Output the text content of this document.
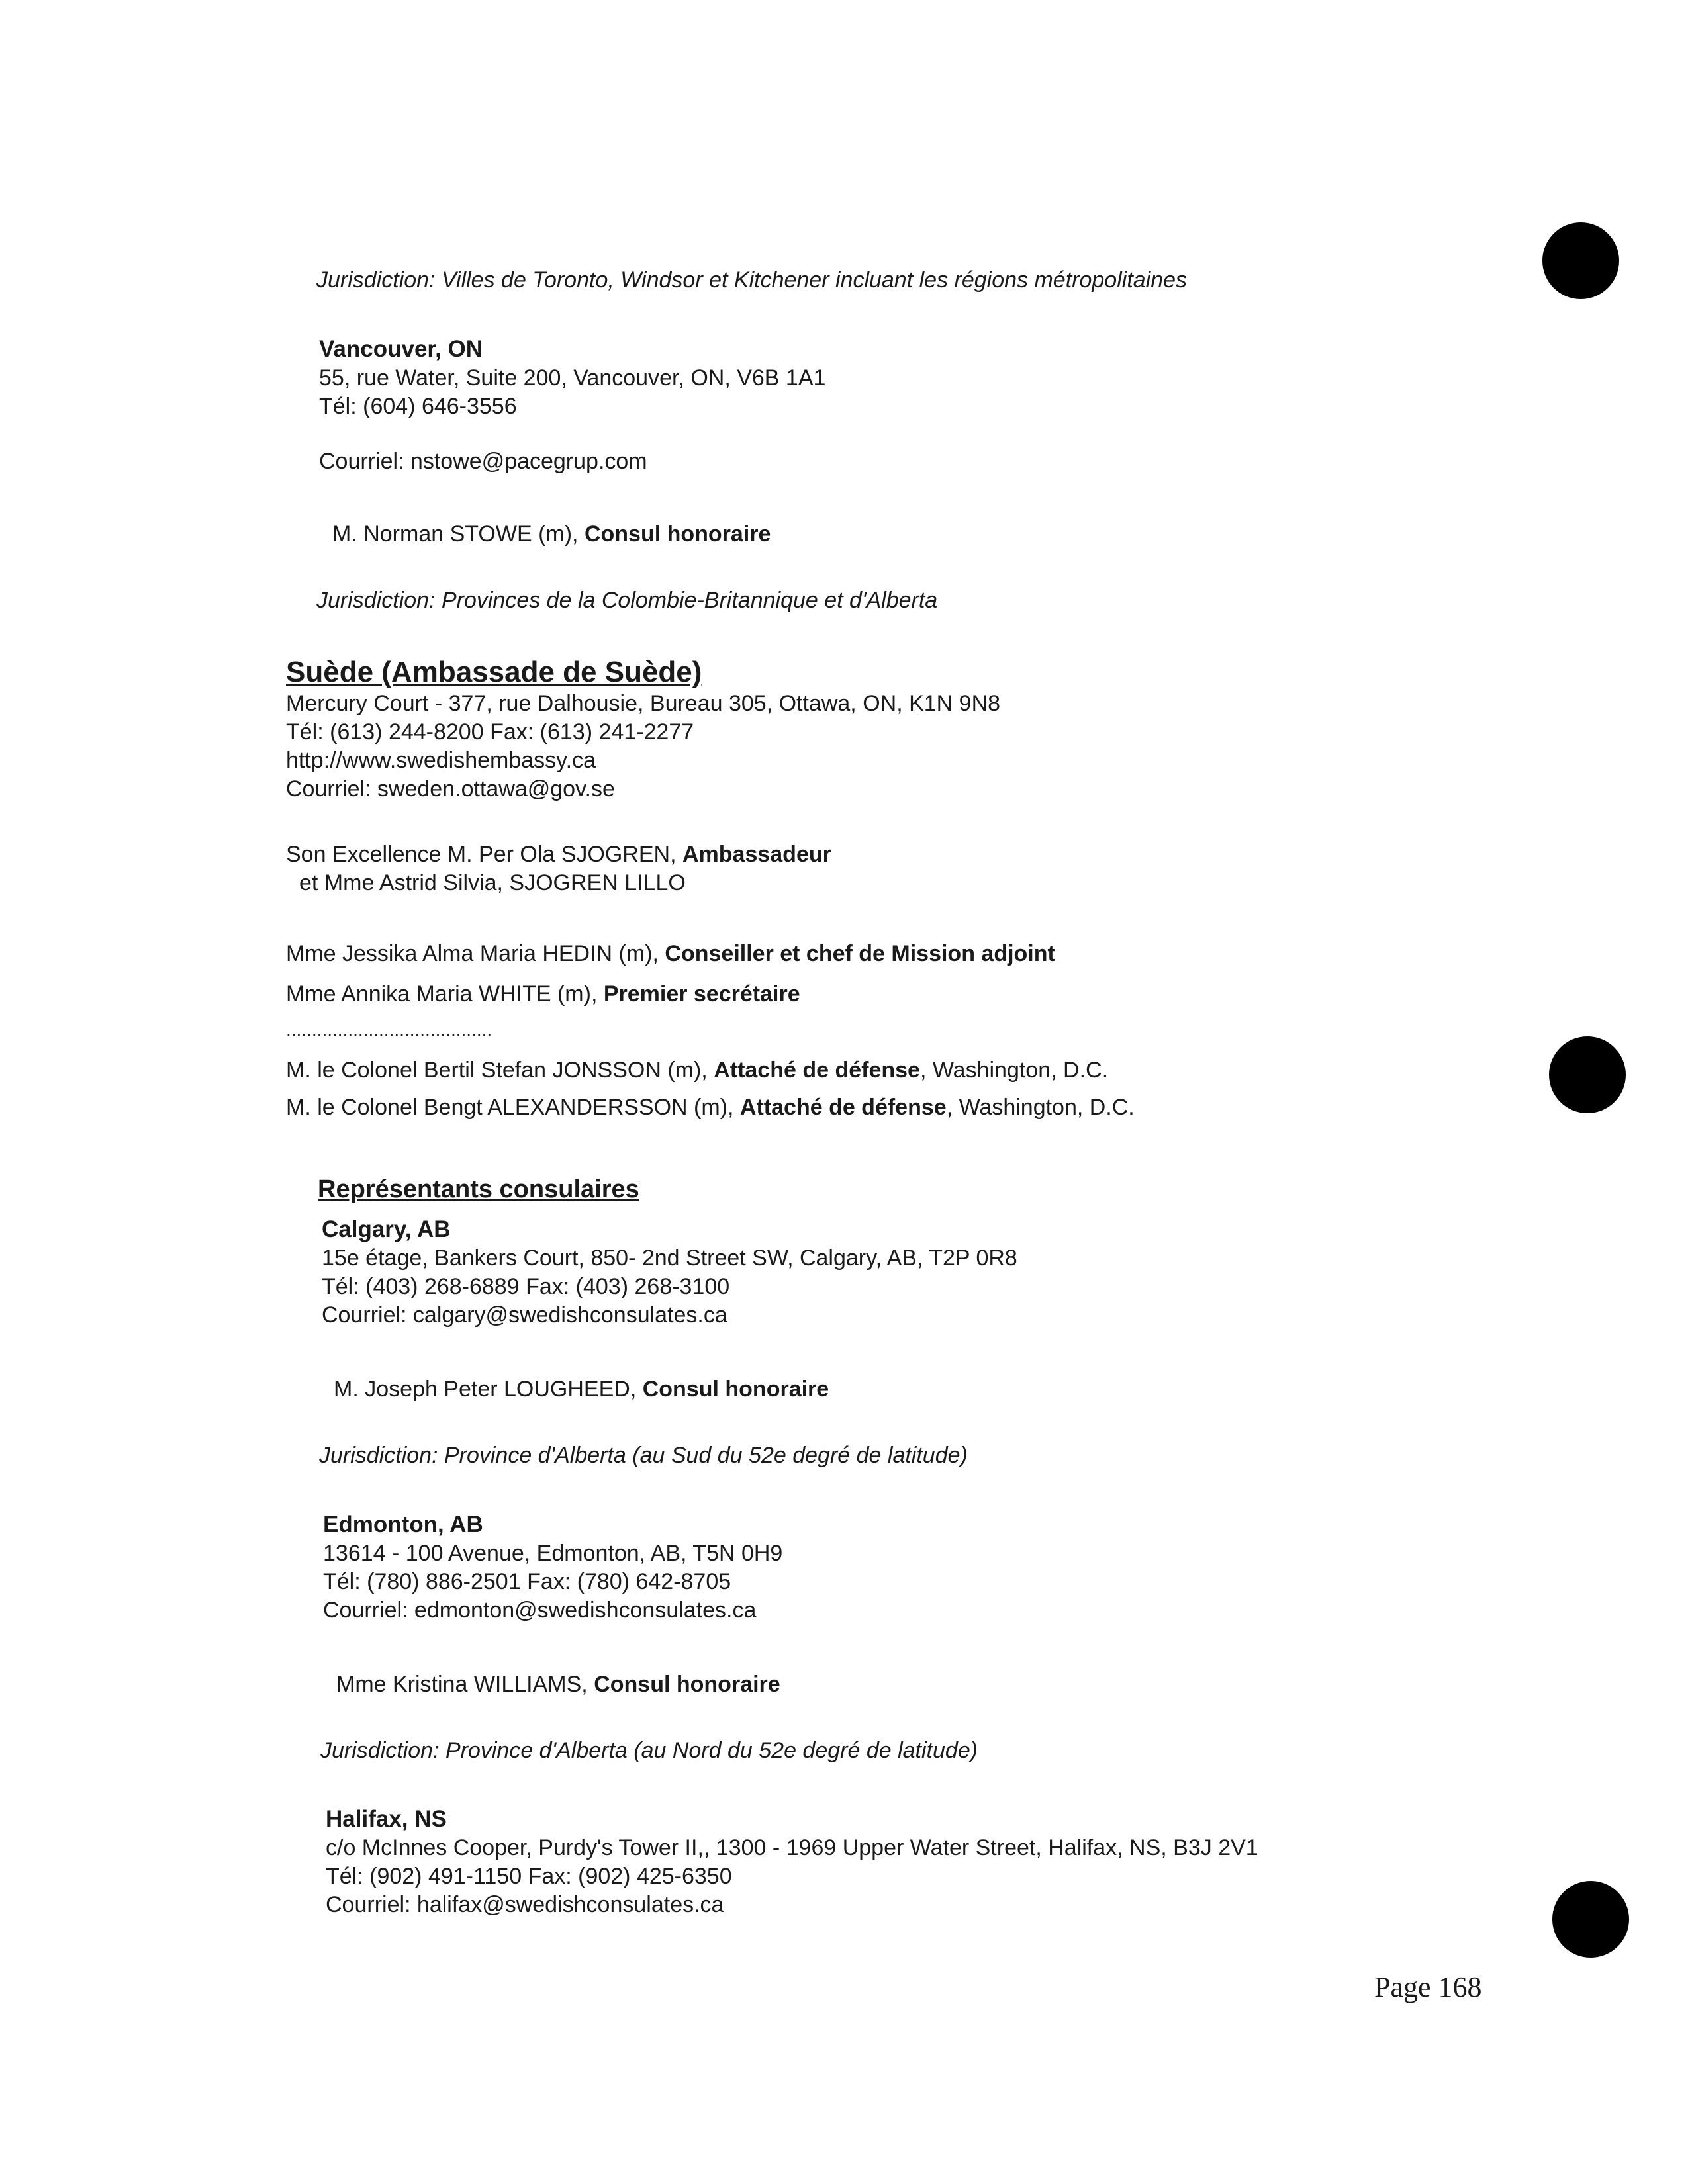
Jurisdiction: Villes de Toronto, Windsor et Kitchener incluant les régions métropolitaines
Vancouver, ON
55, rue Water, Suite 200, Vancouver, ON, V6B 1A1
Tél: (604) 646-3556
Courriel: nstowe@pacegrup.com
M. Norman STOWE (m), Consul honoraire
Jurisdiction: Provinces de la Colombie-Britannique et d'Alberta
Suède (Ambassade de Suède)
Mercury Court - 377, rue Dalhousie, Bureau 305, Ottawa, ON, K1N 9N8
Tél: (613) 244-8200 Fax: (613) 241-2277
http://www.swedishembassy.ca
Courriel: sweden.ottawa@gov.se
Son Excellence M. Per Ola SJOGREN, Ambassadeur
et Mme Astrid Silvia, SJOGREN LILLO
Mme Jessika Alma Maria HEDIN (m), Conseiller et chef de Mission adjoint
Mme Annika Maria WHITE (m), Premier secrétaire
........................................
M. le Colonel Bertil Stefan JONSSON (m), Attaché de défense, Washington, D.C.
M. le Colonel Bengt ALEXANDERSSON (m), Attaché de défense, Washington, D.C.
Représentants consulaires
Calgary, AB
15e étage, Bankers Court, 850- 2nd Street SW, Calgary, AB, T2P 0R8
Tél: (403) 268-6889 Fax: (403) 268-3100
Courriel: calgary@swedishconsulates.ca
M. Joseph Peter LOUGHEED, Consul honoraire
Jurisdiction: Province d'Alberta (au Sud du 52e degré de latitude)
Edmonton, AB
13614 - 100 Avenue, Edmonton, AB, T5N 0H9
Tél: (780) 886-2501 Fax: (780) 642-8705
Courriel: edmonton@swedishconsulates.ca
Mme Kristina WILLIAMS, Consul honoraire
Jurisdiction: Province d'Alberta (au Nord du 52e degré de latitude)
Halifax, NS
c/o McInnes Cooper, Purdy's Tower II,, 1300 - 1969 Upper Water Street, Halifax, NS, B3J 2V1
Tél: (902) 491-1150 Fax: (902) 425-6350
Courriel: halifax@swedishconsulates.ca
Page 168
